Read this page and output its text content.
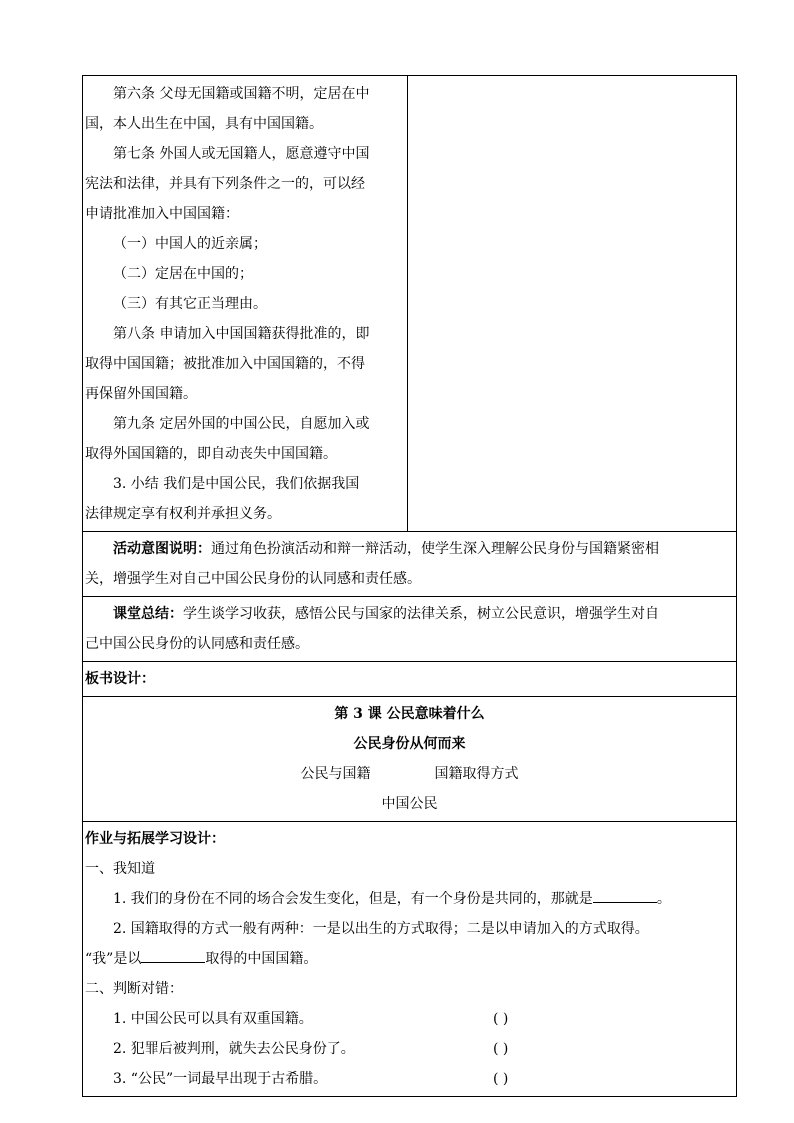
第六条 父母无国籍或国籍不明，定居在中

国，本人出生在中国，具有中国国籍。

第七条 外国人或无国籍人，愿意遵守中国

宪法和法律，并具有下列条件之一的，可以经

申请批准加入中国国籍：

（一）中国人的近亲属；

（二）定居在中国的；

（三）有其它正当理由。

第八条 申请加入中国国籍获得批准的，即

取得中国国籍；被批准加入中国国籍的，不得

再保留外国国籍。

第九条 定居外国的中国公民，自愿加入或

取得外国国籍的，即自动丧失中国国籍。

3. 小结 我们是中国公民，我们依据我国

法律规定享有权利并承担义务。

活动意图说明：通过角色扮演活动和辩一辩活动，使学生深入理解公民身份与国籍紧密相

关，增强学生对自己中国公民身份的认同感和责任感。

课堂总结：学生谈学习收获，感悟公民与国家的法律关系，树立公民意识，增强学生对自

己中国公民身份的认同感和责任感。

板书设计：

第 3 课 公民意味着什么

公民身份从何而来

公民与国籍	国籍取得方式

中国公民

作业与拓展学习设计：

一、我知道

1. 我们的身份在不同的场合会发生变化，但是，有一个身份是共同的，那就是	。

2. 国籍取得的方式一般有两种：一是以出生的方式取得；二是以申请加入的方式取得。

“我”是以	取得的中国国籍。

二、判断对错：

1. 中国公民可以具有双重国籍。	( )

2. 犯罪后被判刑，就失去公民身份了。	( )

3. “公民”一词最早出现于古希腊。	( )
